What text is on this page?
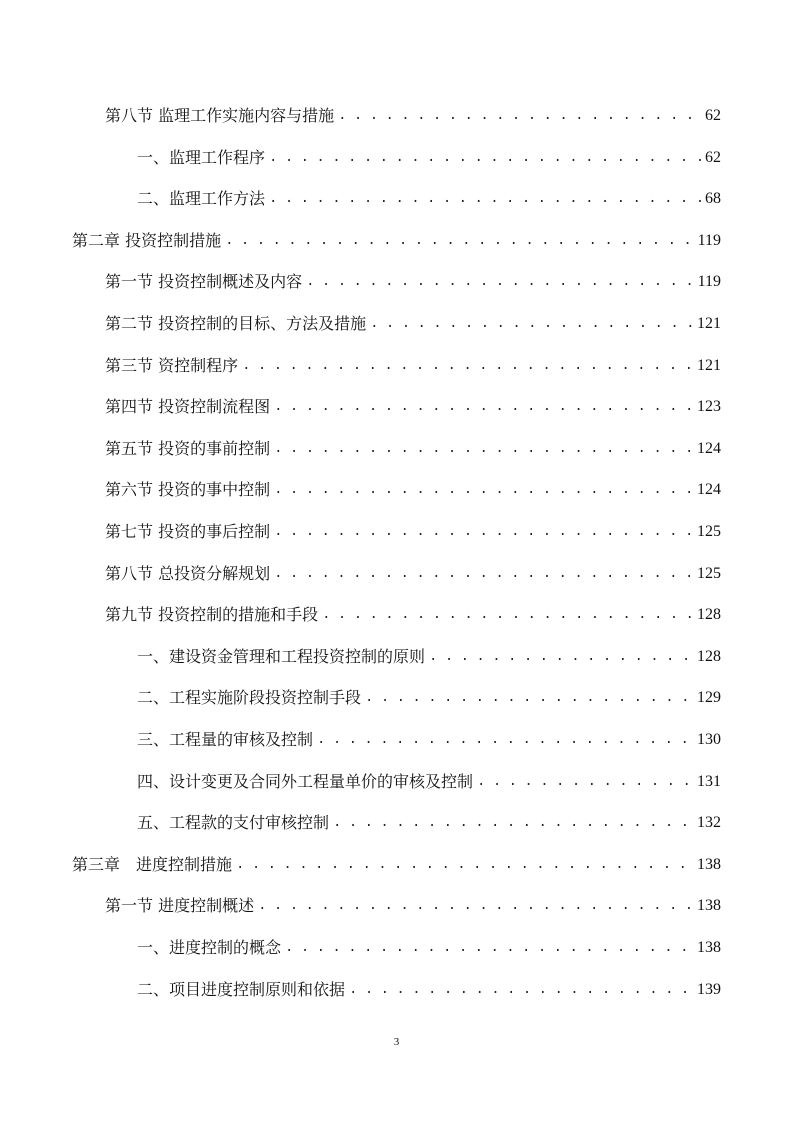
第八节 监理工作实施内容与措施 . . .	62
一、监理工作程序 . . .	62
二、监理工作方法 . . .	68
第二章 投资控制措施 . . .	119
第一节 投资控制概述及内容 . . .	119
第二节 投资控制的目标、方法及措施 . . .	121
第三节 资控制程序 . . .	121
第四节 投资控制流程图 . . .	123
第五节 投资的事前控制 . . .	124
第六节 投资的事中控制 . . .	124
第七节 投资的事后控制 . . .	125
第八节 总投资分解规划 . . .	125
第九节 投资控制的措施和手段 . . .	128
一、建设资金管理和工程投资控制的原则 . . .	128
二、工程实施阶段投资控制手段 . . .	129
三、工程量的审核及控制 . . .	130
四、设计变更及合同外工程量单价的审核及控制 . . .	131
五、工程款的支付审核控制 . . .	132
第三章　进度控制措施 . . .	138
第一节 进度控制概述 . . .	138
一、进度控制的概念 . . .	138
二、项目进度控制原则和依据 . . .	139
3
